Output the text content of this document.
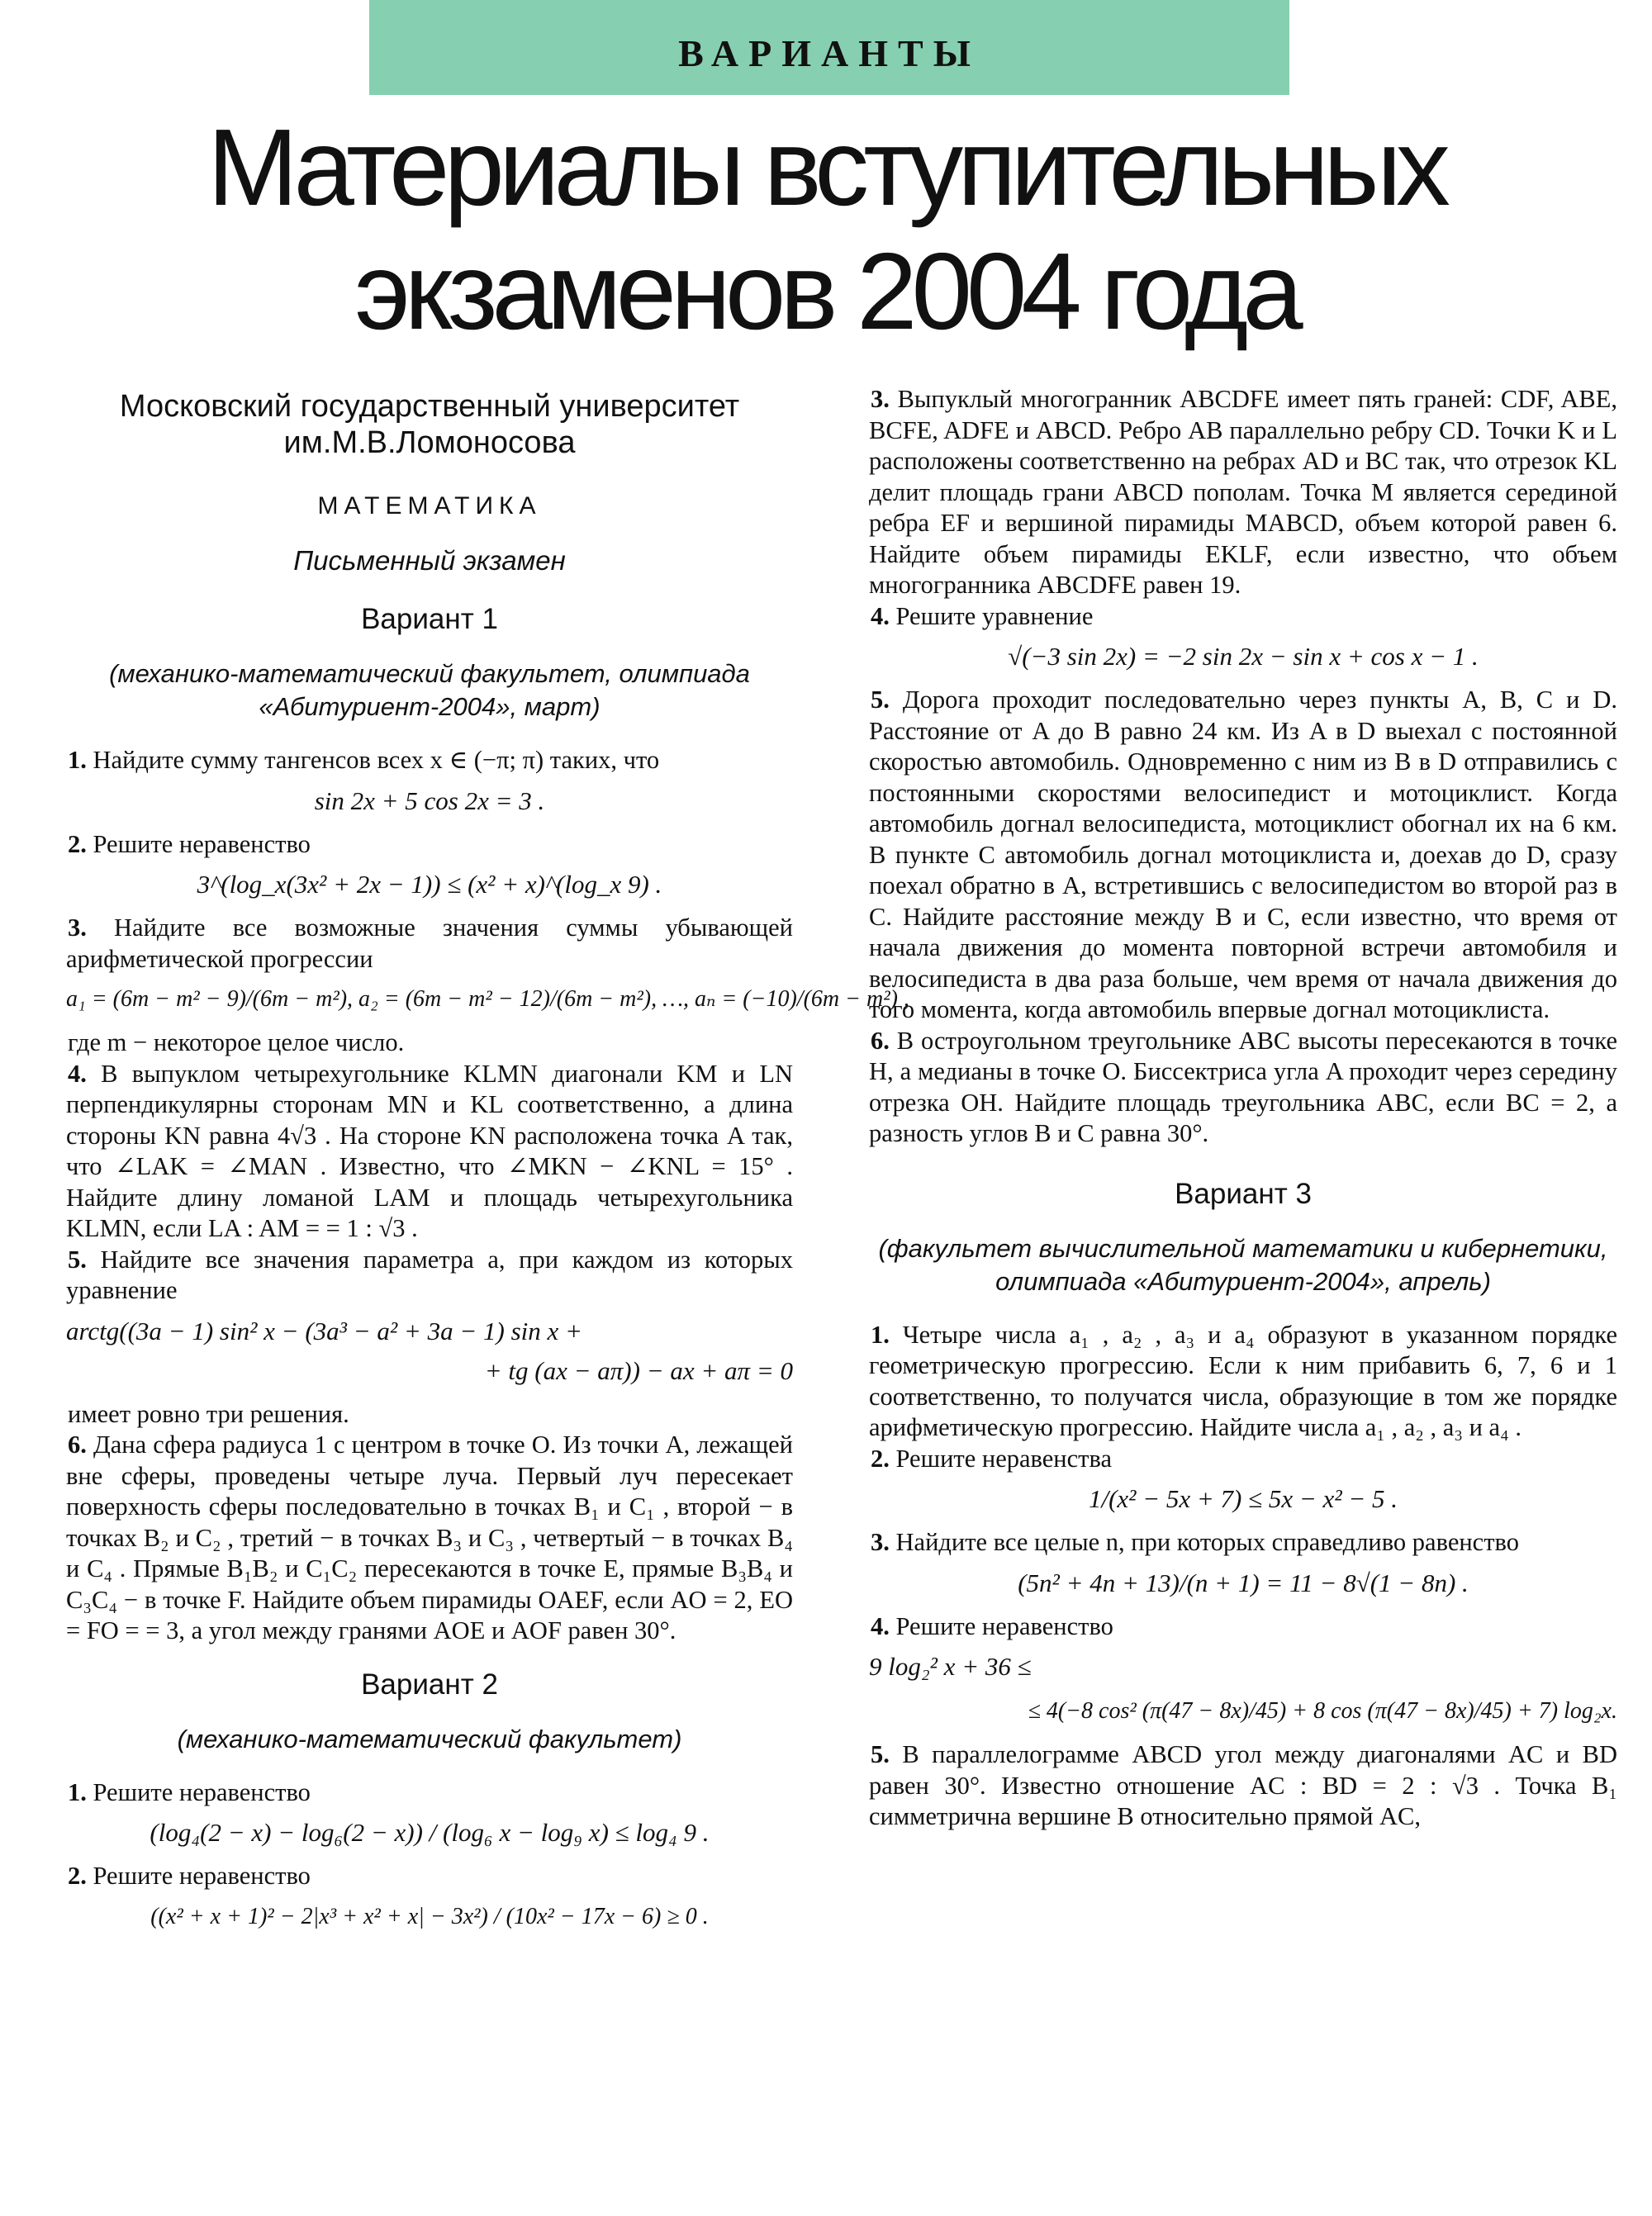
ВАРИАНТЫ
Материалы вступительных
экзаменов 2004 года
Московский государственный университет им.М.В.Ломоносова
МАТЕМАТИКА
Письменный экзамен
Вариант 1
(механико-математический факультет, олимпиада «Абитуриент-2004», март)

1. Найдите сумму тангенсов всех x ∈ (−π; π) таких, что

sin 2x + 5 cos 2x = 3 .

2. Решите неравенство

3^(log_x(3x² + 2x − 1)) ≤ (x² + x)^(log_x 9) .

3. Найдите все возможные значения суммы убывающей арифметической прогрессии

a₁ = (6m − m² − 9)/(6m − m²), a₂ = (6m − m² − 12)/(6m − m²), …, aₙ = (−10)/(6m − m²) ,

где m − некоторое целое число.

4. В выпуклом четырехугольнике KLMN диагонали KM и LN перпендикулярны сторонам MN и KL соответственно, а длина стороны KN равна 4√3 . На стороне KN расположена точка A так, что ∠LAK = ∠MAN . Известно, что ∠MKN − ∠KNL = 15° . Найдите длину ломаной LAM и площадь четырехугольника KLMN, если LA : AM = = 1 : √3 .

5. Найдите все значения параметра a, при каждом из которых уравнение

arctg((3a − 1) sin² x − (3a³ − a² + 3a − 1) sin x +
+ tg (ax − aπ)) − ax + aπ = 0

имеет ровно три решения.

6. Дана сфера радиуса 1 с центром в точке O. Из точки A, лежащей вне сферы, проведены четыре луча. Первый луч пересекает поверхность сферы последовательно в точках B₁ и C₁ , второй − в точках B₂ и C₂ , третий − в точках B₃ и C₃ , четвертый − в точках B₄ и C₄ . Прямые B₁B₂ и C₁C₂ пересекаются в точке E, прямые B₃B₄ и C₃C₄ − в точке F. Найдите объем пирамиды OAEF, если AO = 2, EO = FO = = 3, а угол между гранями AOE и AOF равен 30°.

Вариант 2
(механико-математический факультет)

1. Решите неравенство

(log₄(2 − x) − log₆(2 − x)) / (log₆ x − log₉ x) ≤ log₄ 9 .

2. Решите неравенство

((x² + x + 1)² − 2|x³ + x² + x| − 3x²) / (10x² − 17x − 6) ≥ 0 .

3. Выпуклый многогранник ABCDFE имеет пять граней: CDF, ABE, BCFE, ADFE и ABCD. Ребро AB параллельно ребру CD. Точки K и L расположены соответственно на ребрах AD и BC так, что отрезок KL делит площадь грани ABCD пополам. Точка M является серединой ребра EF и вершиной пирамиды MABCD, объем которой равен 6. Найдите объем пирамиды EKLF, если известно, что объем многогранника ABCDFE равен 19.

4. Решите уравнение

√(−3 sin 2x) = −2 sin 2x − sin x + cos x − 1 .

5. Дорога проходит последовательно через пункты A, B, C и D. Расстояние от A до B равно 24 км. Из A в D выехал с постоянной скоростью автомобиль. Одновременно с ним из B в D отправились с постоянными скоростями велосипедист и мотоциклист. Когда автомобиль догнал велосипедиста, мотоциклист обогнал их на 6 км. В пункте C автомобиль догнал мотоциклиста и, доехав до D, сразу поехал обратно в A, встретившись с велосипедистом во второй раз в C. Найдите расстояние между B и C, если известно, что время от начала движения до момента повторной встречи автомобиля и велосипедиста в два раза больше, чем время от начала движения до того момента, когда автомобиль впервые догнал мотоциклиста.

6. В остроугольном треугольнике ABC высоты пересекаются в точке H, а медианы в точке O. Биссектриса угла A проходит через середину отрезка OH. Найдите площадь треугольника ABC, если BC = 2, а разность углов B и C равна 30°.

Вариант 3
(факультет вычислительной математики и кибернетики, олимпиада «Абитуриент-2004», апрель)

1. Четыре числа a₁ , a₂ , a₃ и a₄ образуют в указанном порядке геометрическую прогрессию. Если к ним прибавить 6, 7, 6 и 1 соответственно, то получатся числа, образующие в том же порядке арифметическую прогрессию. Найдите числа a₁ , a₂ , a₃ и a₄ .

2. Решите неравенства

1/(x² − 5x + 7) ≤ 5x − x² − 5 .

3. Найдите все целые n, при которых справедливо равенство

(5n² + 4n + 13)/(n + 1) = 11 − 8√(1 − 8n) .

4. Решите неравенство

9 log₂² x + 36 ≤
≤ 4(−8 cos² (π(47 − 8x)/45) + 8 cos (π(47 − 8x)/45) + 7) log₂x.

5. В параллелограмме ABCD угол между диагоналями AC и BD равен 30°. Известно отношение AC : BD = 2 : √3 . Точка B₁ симметрична вершине B относительно прямой AC,
